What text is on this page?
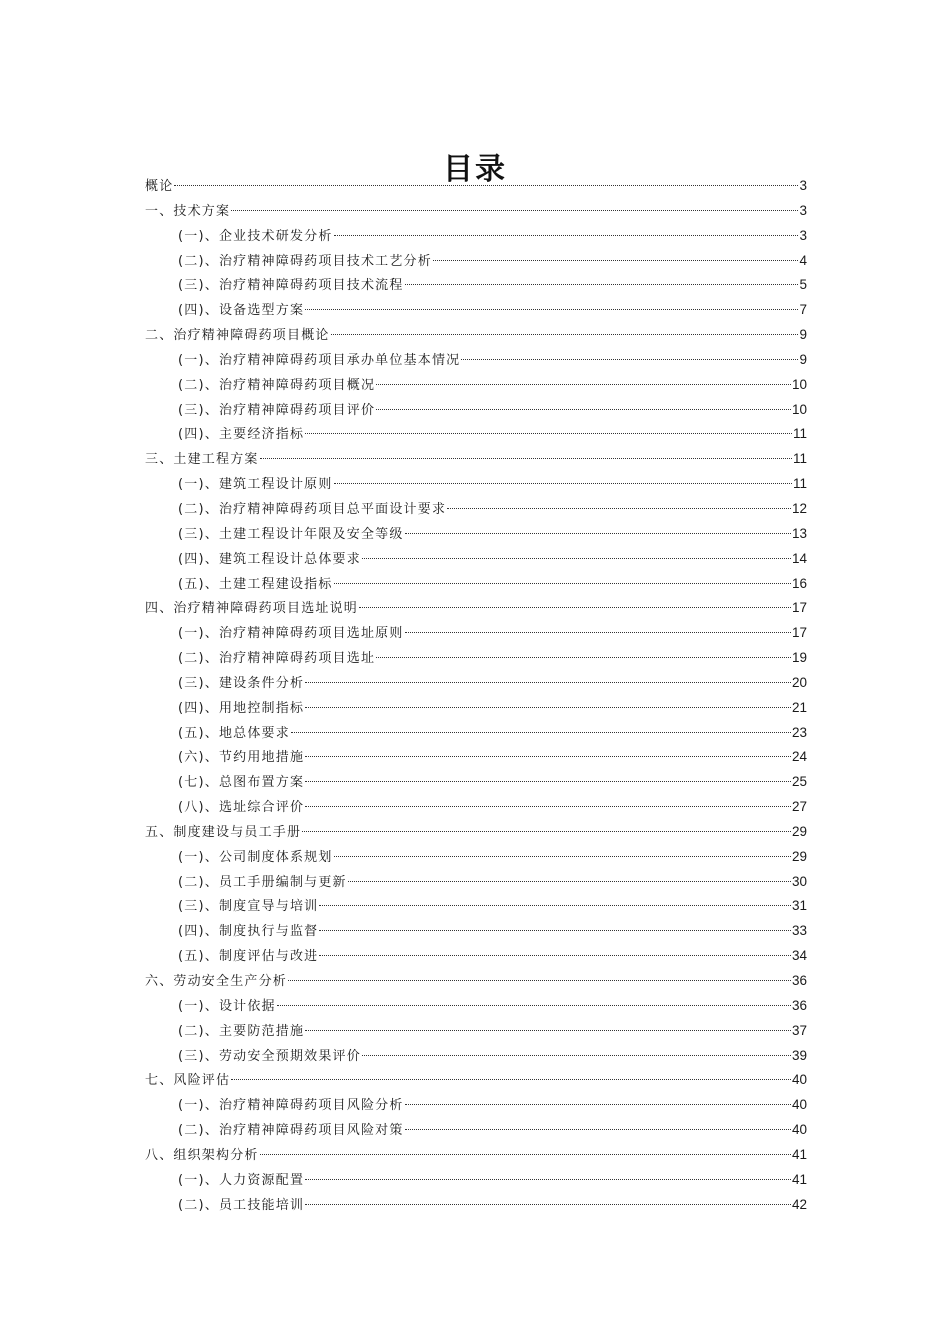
目录
概论	3
一、技术方案	3
(一)、企业技术研发分析	3
(二)、治疗精神障碍药项目技术工艺分析	4
(三)、治疗精神障碍药项目技术流程	5
(四)、设备选型方案	7
二、治疗精神障碍药项目概论	9
(一)、治疗精神障碍药项目承办单位基本情况	9
(二)、治疗精神障碍药项目概况	10
(三)、治疗精神障碍药项目评价	10
(四)、主要经济指标	11
三、土建工程方案	11
(一)、建筑工程设计原则	11
(二)、治疗精神障碍药项目总平面设计要求	12
(三)、土建工程设计年限及安全等级	13
(四)、建筑工程设计总体要求	14
(五)、土建工程建设指标	16
四、治疗精神障碍药项目选址说明	17
(一)、治疗精神障碍药项目选址原则	17
(二)、治疗精神障碍药项目选址	19
(三)、建设条件分析	20
(四)、用地控制指标	21
(五)、地总体要求	23
(六)、节约用地措施	24
(七)、总图布置方案	25
(八)、选址综合评价	27
五、制度建设与员工手册	29
(一)、公司制度体系规划	29
(二)、员工手册编制与更新	30
(三)、制度宣导与培训	31
(四)、制度执行与监督	33
(五)、制度评估与改进	34
六、劳动安全生产分析	36
(一)、设计依据	36
(二)、主要防范措施	37
(三)、劳动安全预期效果评价	39
七、风险评估	40
(一)、治疗精神障碍药项目风险分析	40
(二)、治疗精神障碍药项目风险对策	40
八、组织架构分析	41
(一)、人力资源配置	41
(二)、员工技能培训	42
